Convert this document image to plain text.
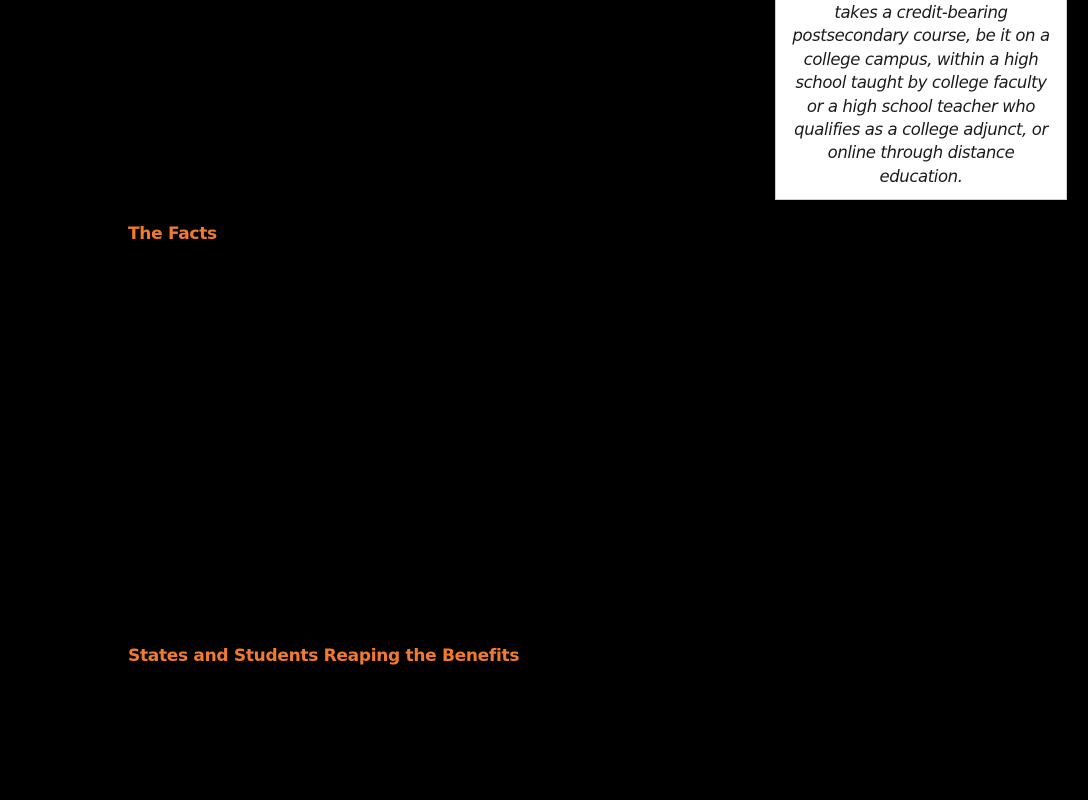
takes a credit-bearing
postsecondary course, be it on a
college campus, within a high
school taught by college faculty
or a high school teacher who
qualifies as a college adjunct, or
online through distance
education.

The Facts
States and Students Reaping the Benefits
